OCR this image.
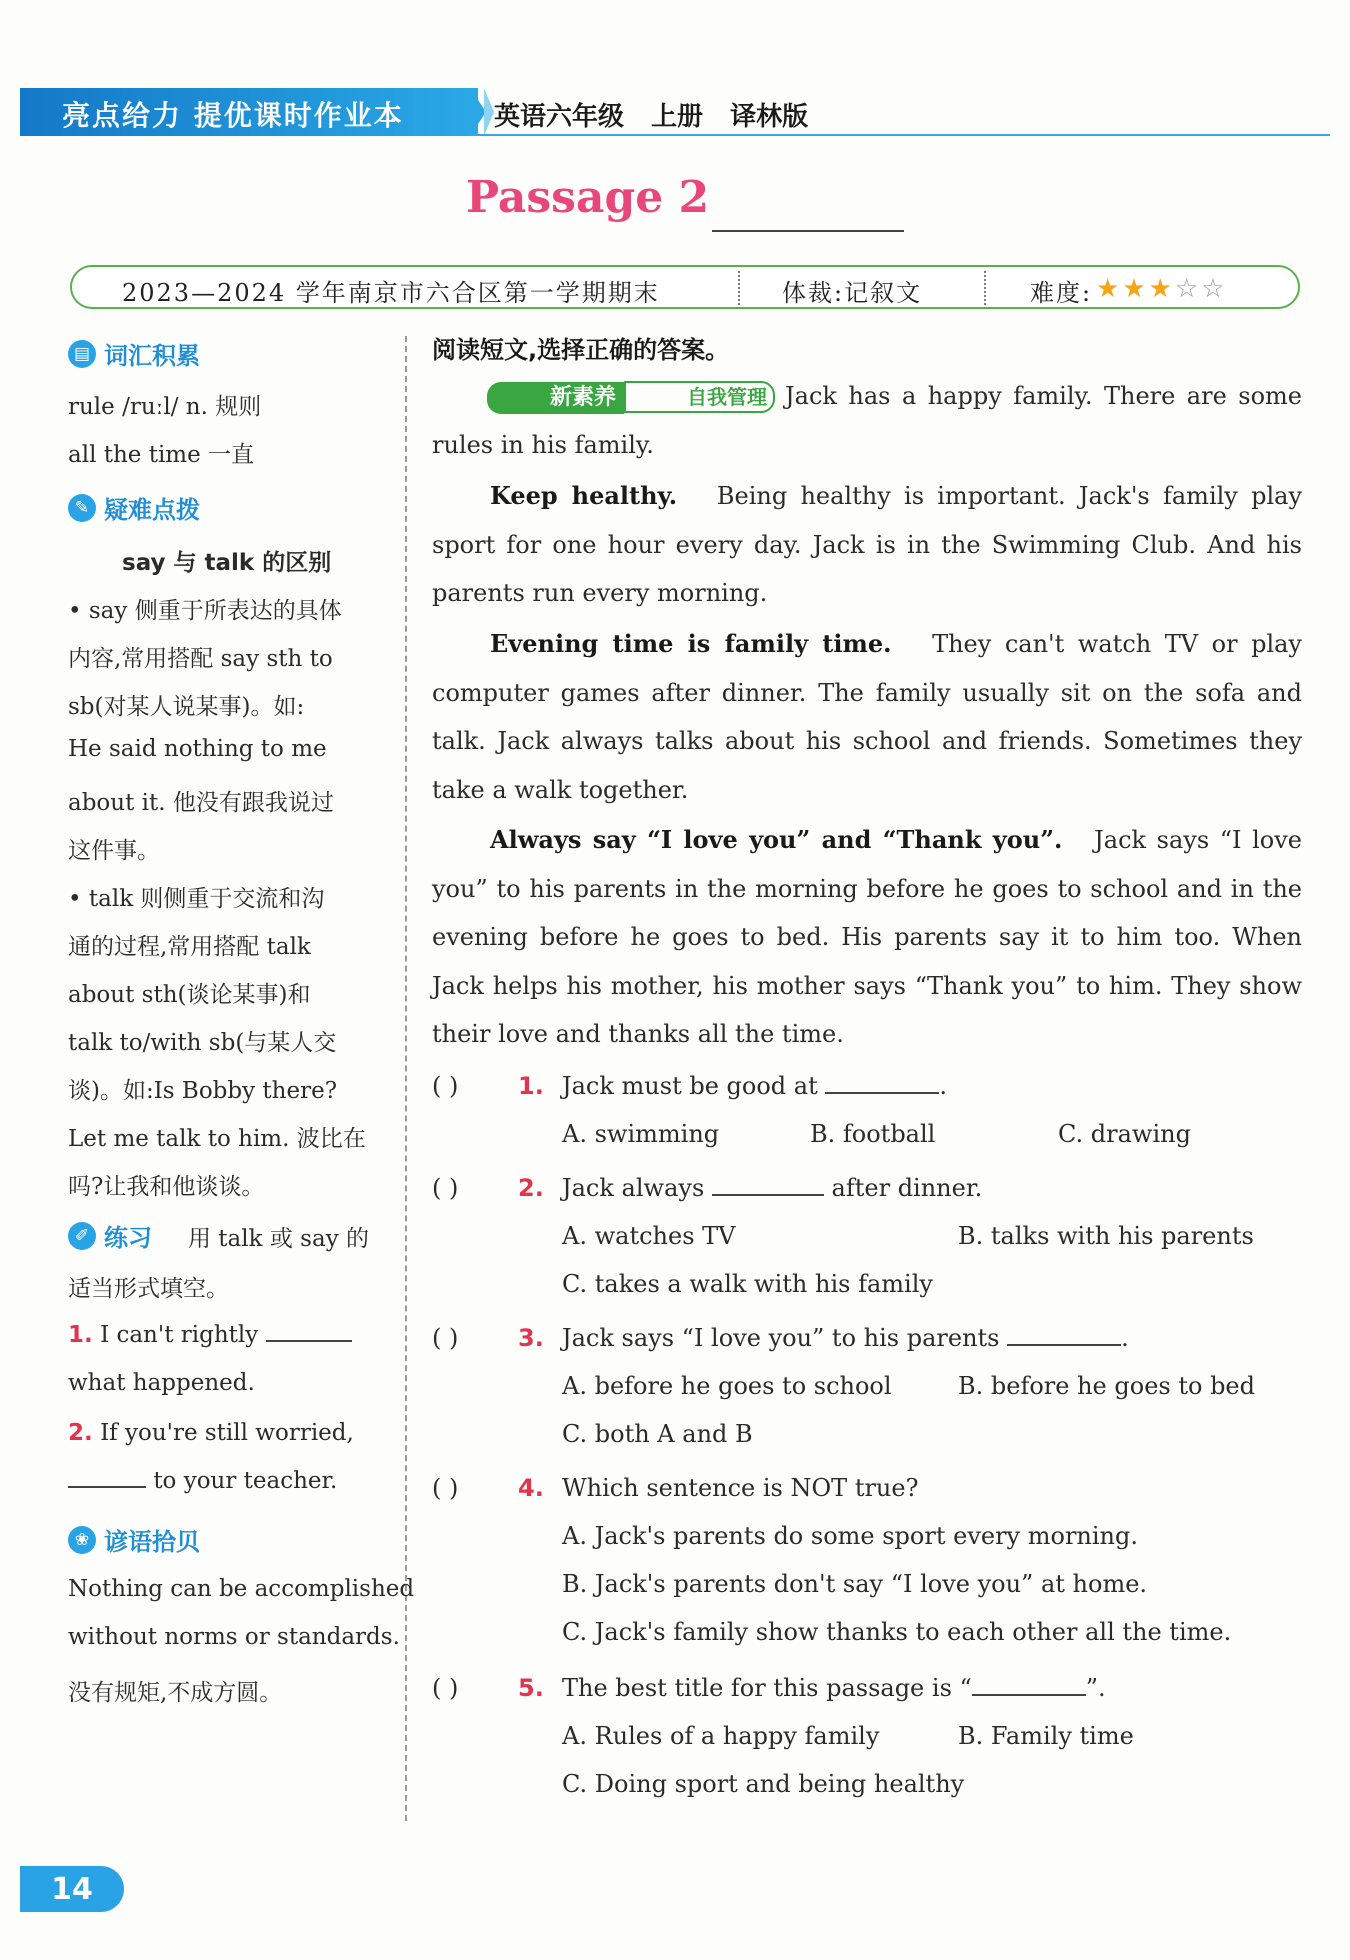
亮点给力 提优课时作业本	英语六年级 上册 译林版
Passage 2
2023—2024 学年南京市六合区第一学期期末	体裁:记叙文	难度: ★★★☆☆
▤ 词汇积累
rule /ruːl/ n. 规则
all the time 一直
✎ 疑难点拨
say 与 talk 的区别
• say 侧重于所表达的具体
内容,常用搭配 say sth to
sb(对某人说某事)。如:
He said nothing to me
about it. 他没有跟我说过
这件事。
• talk 则侧重于交流和沟
通的过程,常用搭配 talk
about sth(谈论某事)和
talk to/with sb(与某人交
谈)。如:Is Bobby there?
Let me talk to him. 波比在
吗?让我和他谈谈。
✐ 练习 用 talk 或 say 的
适当形式填空。
1. I can't rightly
what happened.
2. If you're still worried,
to your teacher.
❀ 谚语拾贝
Nothing can be accomplished
without norms or standards.
没有规矩,不成方圆。
阅读短文,选择正确的答案。
新素养	自我管理 Jack has a happy family. There are some rules in his family.
Keep healthy. Being healthy is important. Jack's family play sport for one hour every day. Jack is in the Swimming Club. And his parents run every morning.
Evening time is family time. They can't watch TV or play computer games after dinner. The family usually sit on the sofa and talk. Jack always talks about his school and friends. Sometimes they take a walk together.
Always say “I love you” and “Thank you”. Jack says “I love you” to his parents in the morning before he goes to school and in the evening before he goes to bed. His parents say it to him too. When Jack helps his mother, his mother says “Thank you” to him. They show their love and thanks all the time.
( ) 1. Jack must be good at	.
A. swimming	B. football	C. drawing
( ) 2. Jack always	after dinner.
A. watches TV	B. talks with his parents
C. takes a walk with his family
( ) 3. Jack says “I love you” to his parents	.
A. before he goes to school	B. before he goes to bed
C. both A and B
( ) 4. Which sentence is NOT true?
A. Jack's parents do some sport every morning.
B. Jack's parents don't say “I love you” at home.
C. Jack's family show thanks to each other all the time.
( ) 5. The best title for this passage is “	”.
A. Rules of a happy family	B. Family time
C. Doing sport and being healthy
14
